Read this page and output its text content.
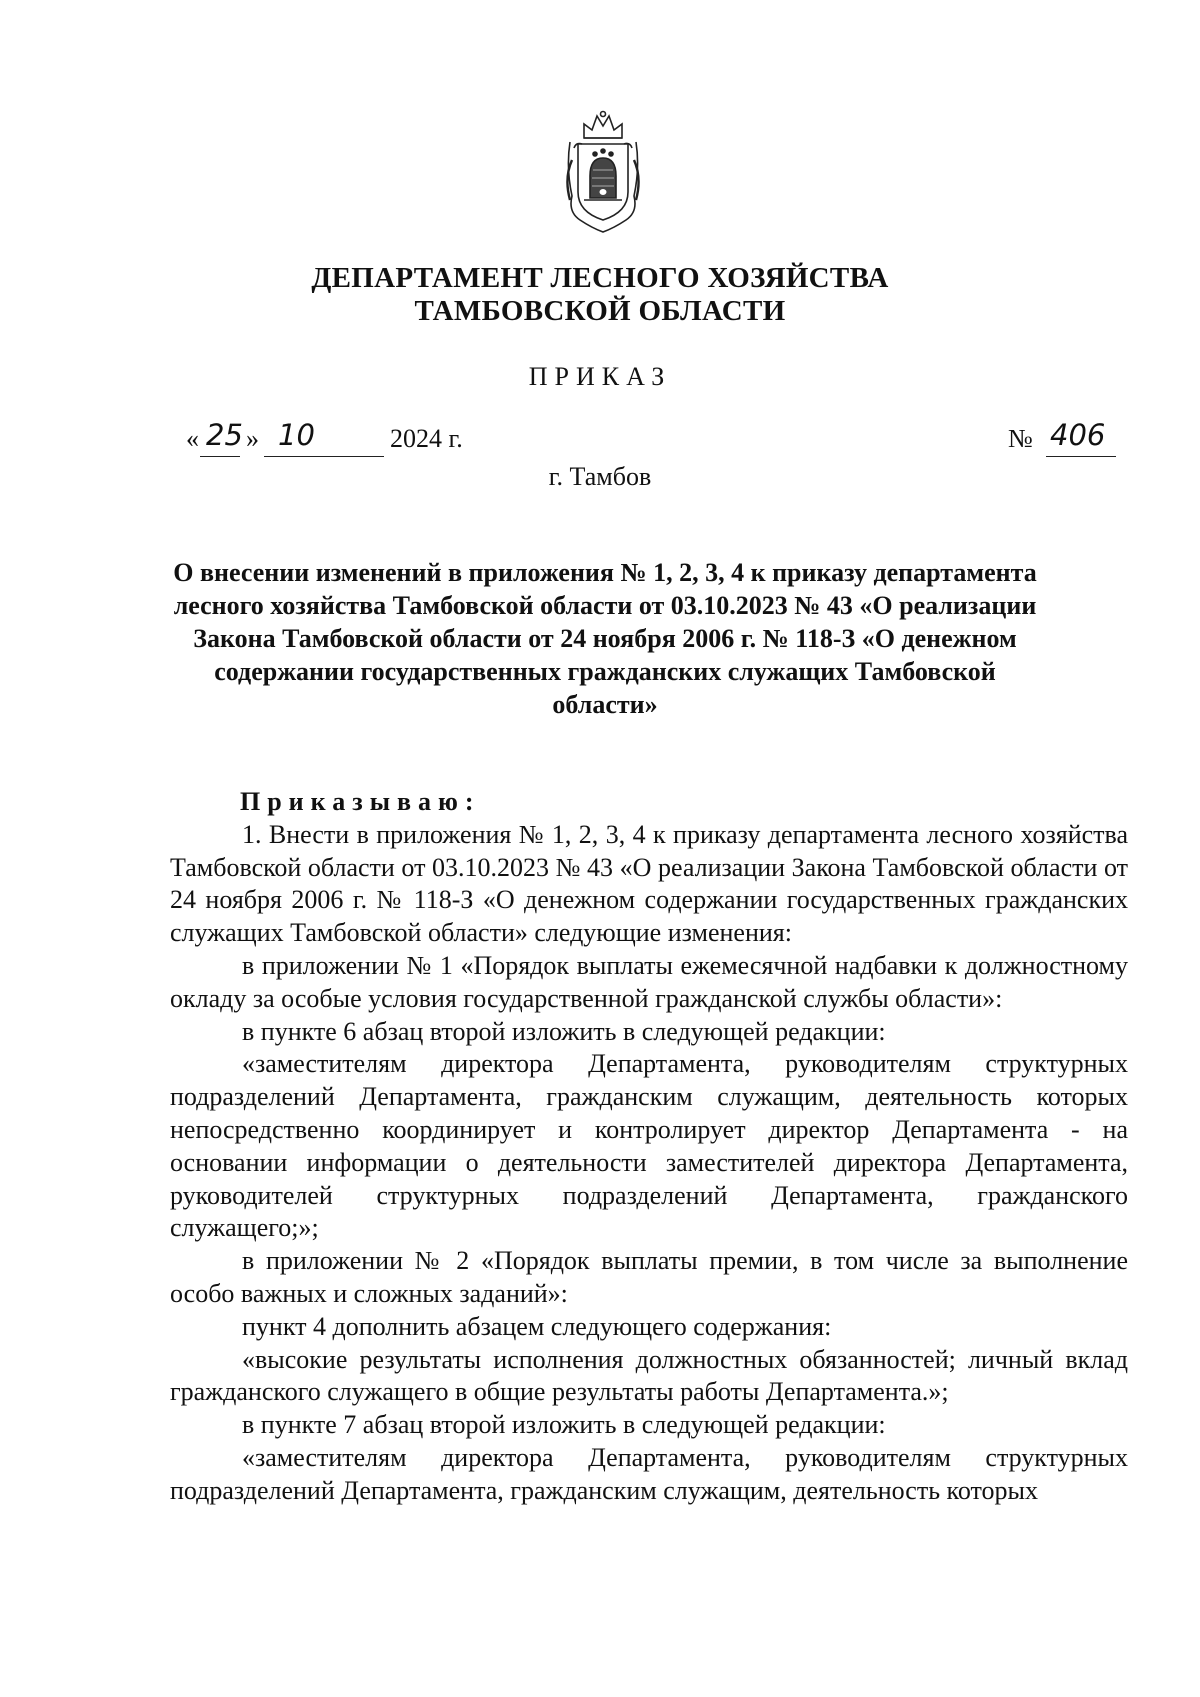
ДЕПАРТАМЕНТ ЛЕСНОГО ХОЗЯЙСТВА
ТАМБОВСКОЙ ОБЛАСТИ
ПРИКАЗ
« 25 » 10	2024 г.	№ 406
г. Тамбов
О внесении изменений в приложения № 1, 2, 3, 4 к приказу департамента лесного хозяйства Тамбовской области от 03.10.2023 № 43 «О реализации Закона Тамбовской области от 24 ноября 2006 г. № 118-З «О денежном содержании государственных гражданских служащих Тамбовской области»

Приказываю:

1. Внести в приложения № 1, 2, 3, 4 к приказу департамента лесного хозяйства Тамбовской области от 03.10.2023 № 43 «О реализации Закона Тамбовской области от 24 ноября 2006 г. № 118-З «О денежном содержании государственных гражданских служащих Тамбовской области» следующие изменения:

в приложении № 1 «Порядок выплаты ежемесячной надбавки к должностному окладу за особые условия государственной гражданской службы области»:

в пункте 6 абзац второй изложить в следующей редакции:

«заместителям директора Департамента, руководителям структурных подразделений Департамента, гражданским служащим, деятельность которых непосредственно координирует и контролирует директор Департамента - на основании информации о деятельности заместителей директора Департамента, руководителей структурных подразделений Департамента, гражданского служащего;»;

в приложении № 2 «Порядок выплаты премии, в том числе за выполнение особо важных и сложных заданий»:

пункт 4 дополнить абзацем следующего содержания:

«высокие результаты исполнения должностных обязанностей; личный вклад гражданского служащего в общие результаты работы Департамента.»;

в пункте 7 абзац второй изложить в следующей редакции:

«заместителям директора Департамента, руководителям структурных подразделений Департамента, гражданским служащим, деятельность которых
